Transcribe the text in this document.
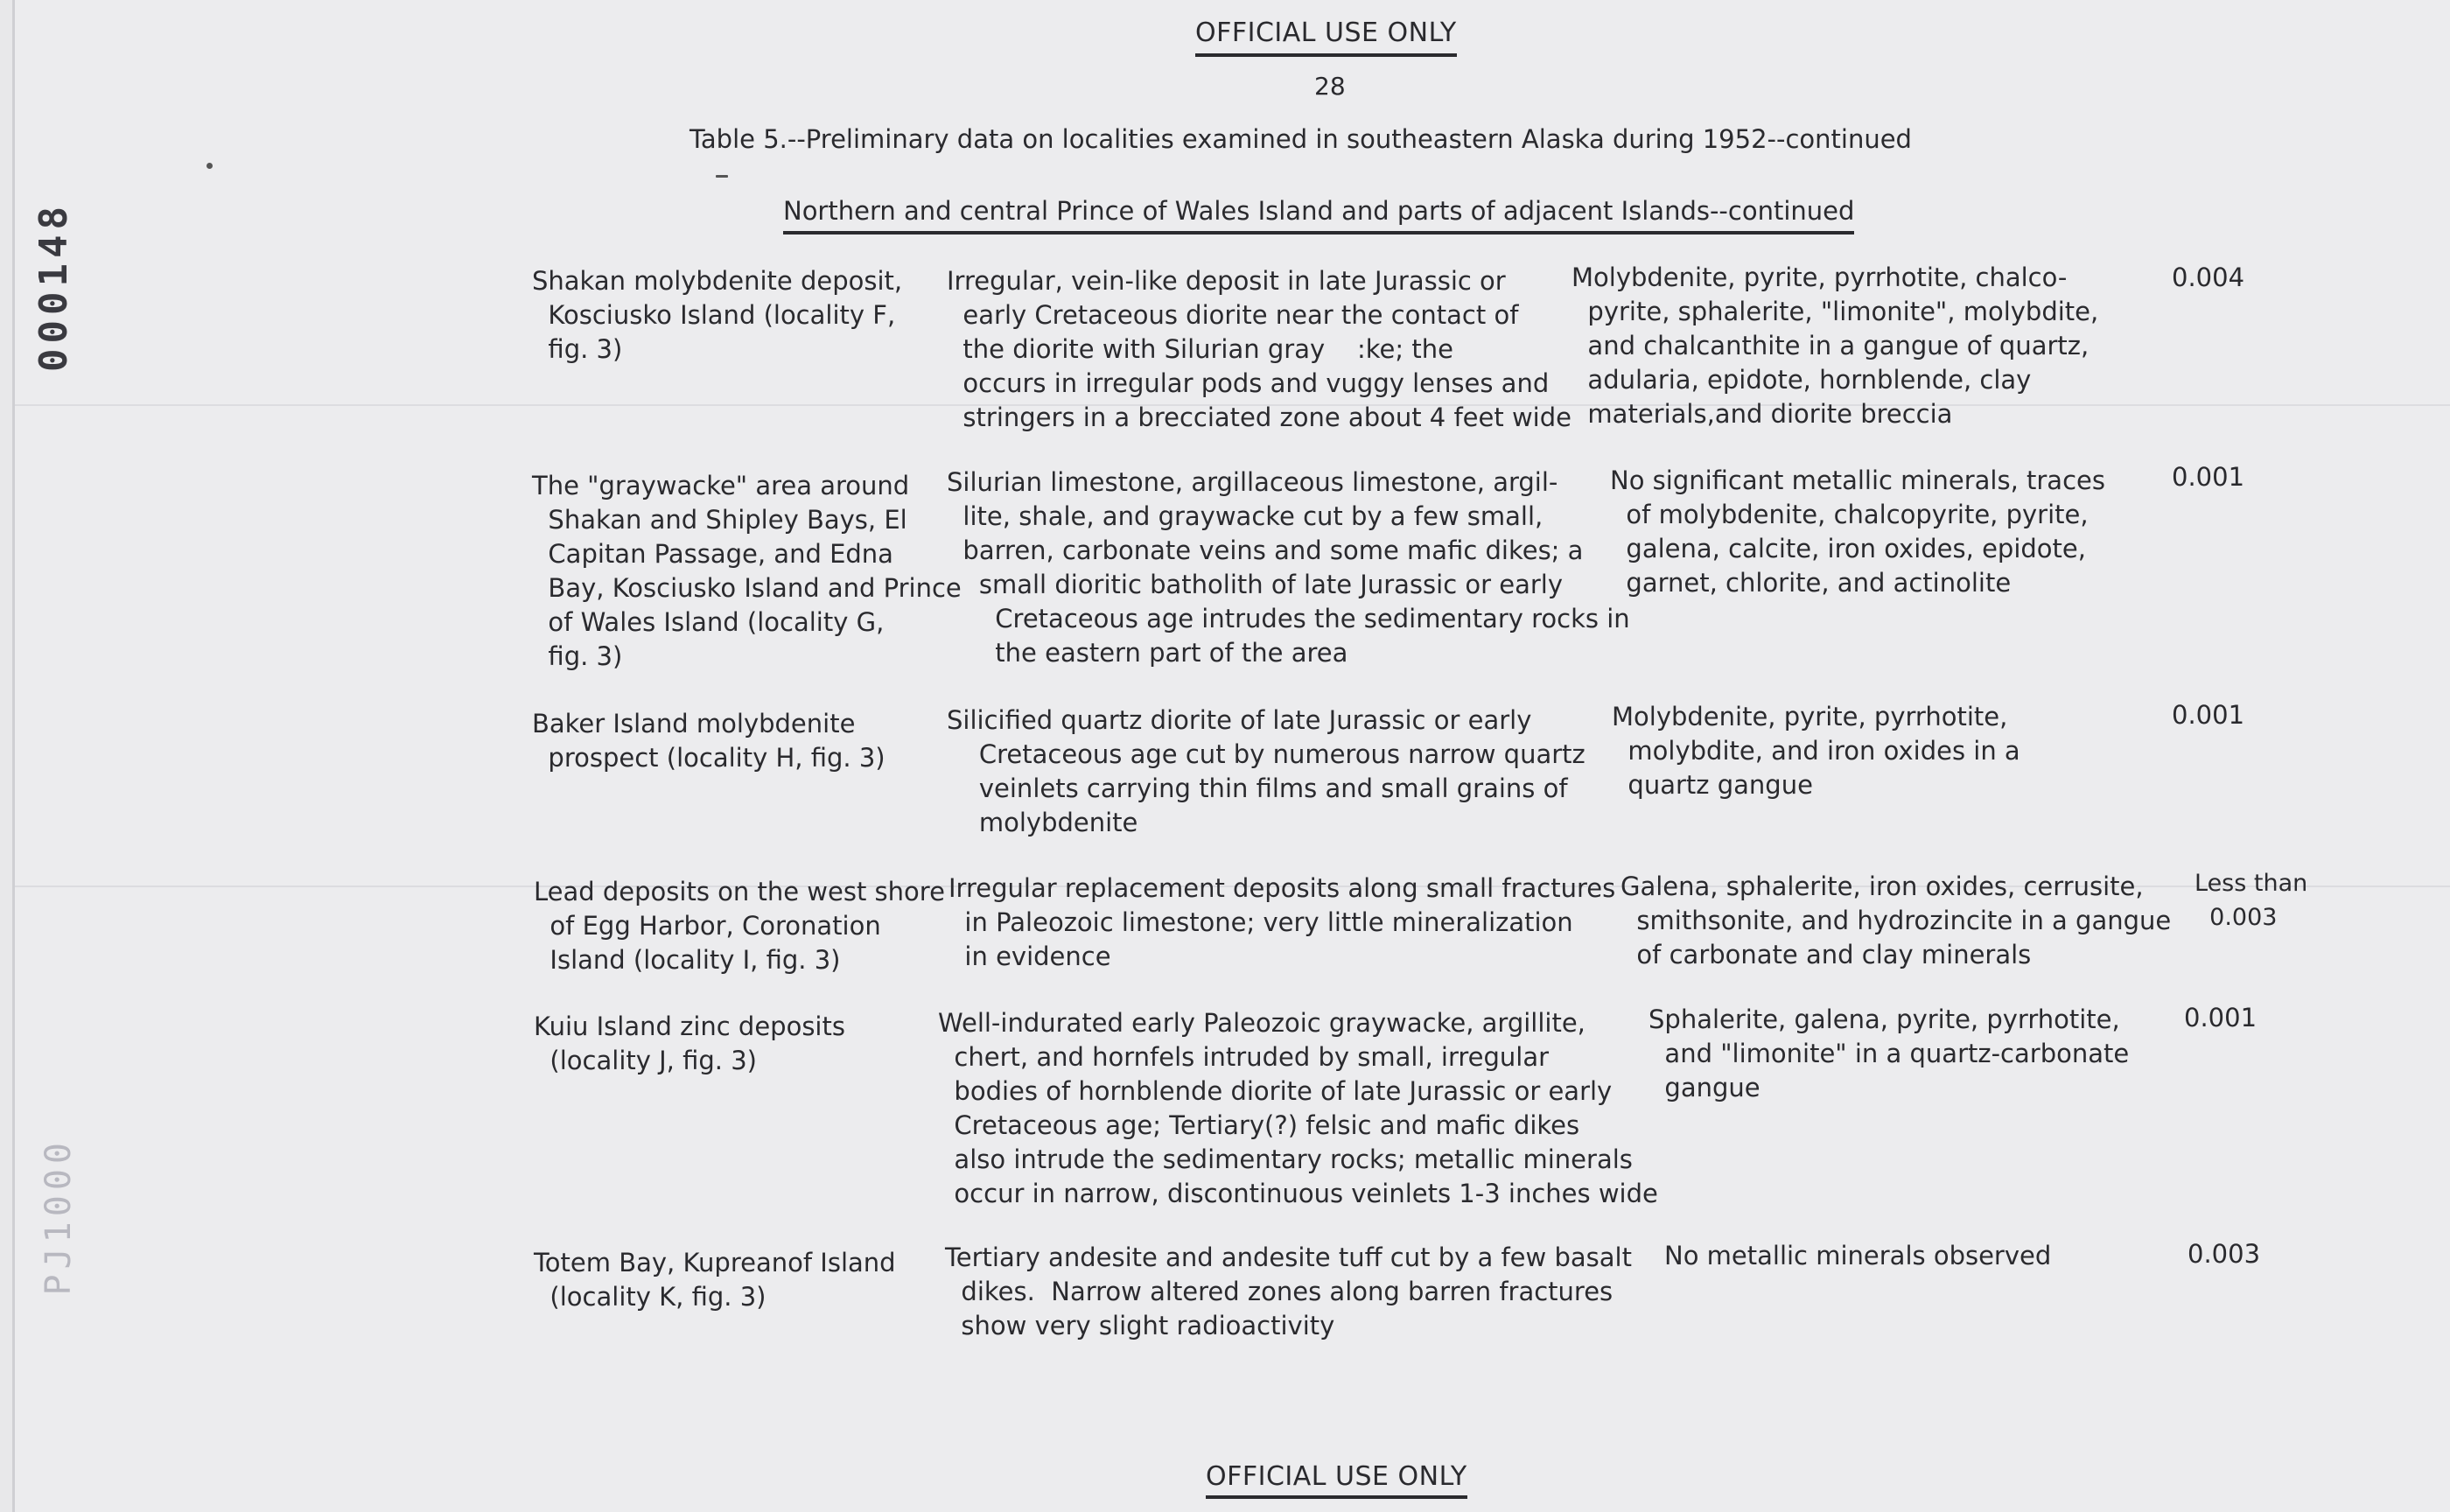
000148
PJ1000
OFFICIAL USE ONLY
28
Table 5.--Preliminary data on localities examined in southeastern Alaska during 1952--continued
Northern and central Prince of Wales Island and parts of adjacent Islands--continued
Shakan molybdenite deposit,
Kosciusko Island (locality F,
fig. 3)
Irregular, vein-like deposit in late Jurassic or
early Cretaceous diorite near the contact of
the diorite with Silurian gray    :ke; the
occurs in irregular pods and vuggy lenses and
stringers in a brecciated zone about 4 feet wide
Molybdenite, pyrite, pyrrhotite, chalco-
pyrite, sphalerite, "limonite", molybdite,
and chalcanthite in a gangue of quartz,
adularia, epidote, hornblende, clay
materials,and diorite breccia
0.004
The "graywacke" area around
Shakan and Shipley Bays, El
Capitan Passage, and Edna
Bay, Kosciusko Island and Prince
of Wales Island (locality G,
fig. 3)
Silurian limestone, argillaceous limestone, argil-
lite, shale, and graywacke cut by a few small,
barren, carbonate veins and some mafic dikes; a
small dioritic batholith of late Jurassic or early
Cretaceous age intrudes the sedimentary rocks in
the eastern part of the area
No significant metallic minerals, traces
of molybdenite, chalcopyrite, pyrite,
galena, calcite, iron oxides, epidote,
garnet, chlorite, and actinolite
0.001
Baker Island molybdenite
prospect (locality H, fig. 3)
Silicified quartz diorite of late Jurassic or early
Cretaceous age cut by numerous narrow quartz
veinlets carrying thin films and small grains of
molybdenite
Molybdenite, pyrite, pyrrhotite,
molybdite, and iron oxides in a
quartz gangue
0.001
Lead deposits on the west shore
of Egg Harbor, Coronation
Island (locality I, fig. 3)
Irregular replacement deposits along small fractures
in Paleozoic limestone; very little mineralization
in evidence
Galena, sphalerite, iron oxides, cerrusite,
smithsonite, and hydrozincite in a gangue
of carbonate and clay minerals
Less than
0.003
Kuiu Island zinc deposits
(locality J, fig. 3)
Well-indurated early Paleozoic graywacke, argillite,
chert, and hornfels intruded by small, irregular
bodies of hornblende diorite of late Jurassic or early
Cretaceous age; Tertiary(?) felsic and mafic dikes
also intrude the sedimentary rocks; metallic minerals
occur in narrow, discontinuous veinlets 1-3 inches wide
Sphalerite, galena, pyrite, pyrrhotite,
and "limonite" in a quartz-carbonate
gangue
0.001
Totem Bay, Kupreanof Island
(locality K, fig. 3)
Tertiary andesite and andesite tuff cut by a few basalt
dikes.  Narrow altered zones along barren fractures
show very slight radioactivity
No metallic minerals observed	0.003
OFFICIAL USE ONLY
